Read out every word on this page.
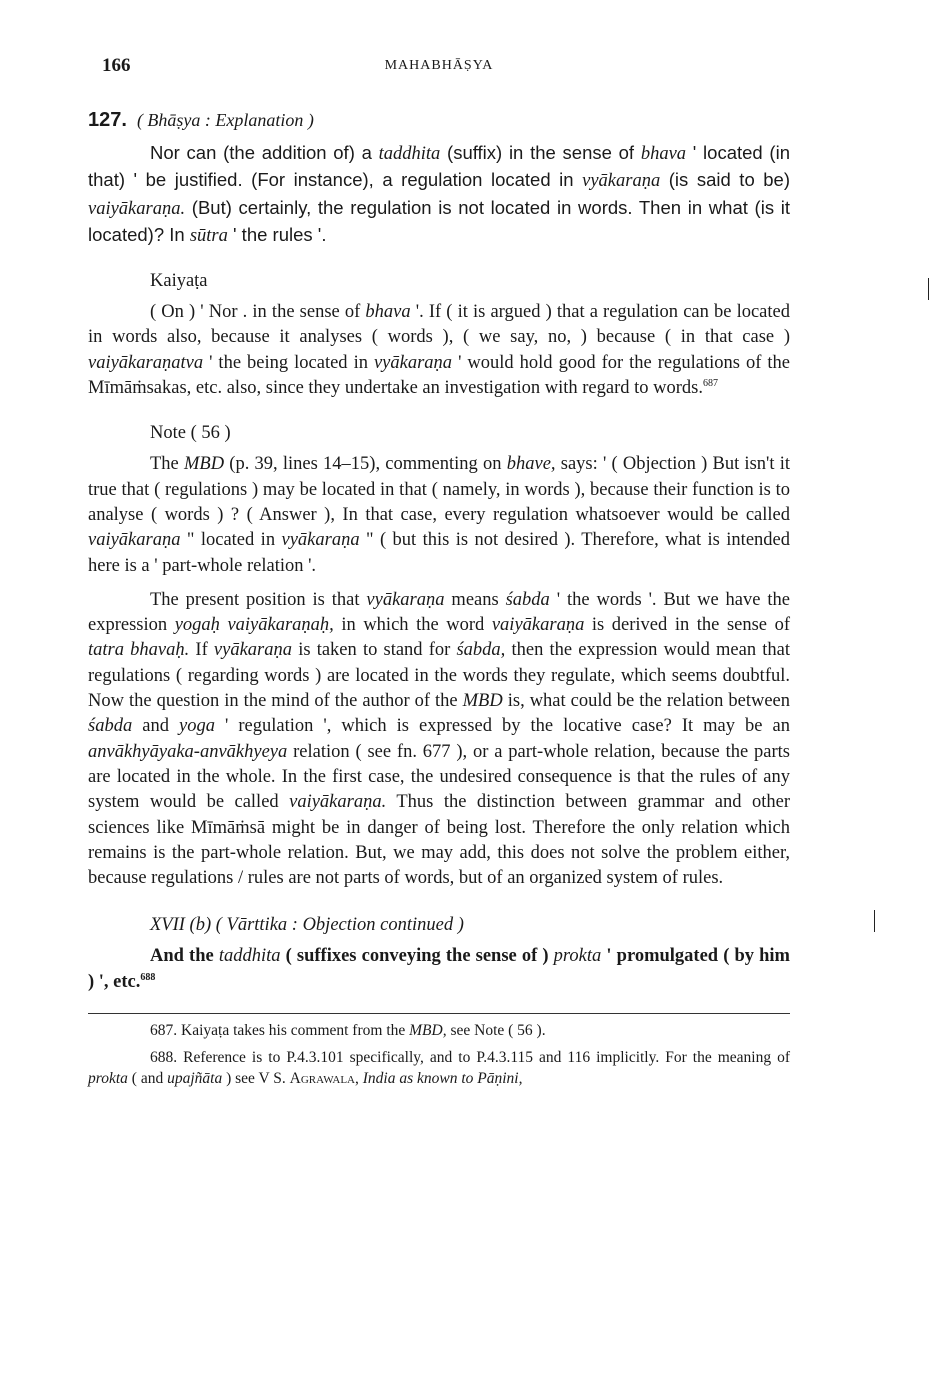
166	MAHABHĀṢYA
127. ( Bhāṣya : Explanation )

Nor can (the addition of) a taddhita (suffix) in the sense of bhava ' located (in that) ' be justified. (For instance), a regulation located in vyākaraṇa (is said to be) vaiyākaraṇa. (But) certainly, the regulation is not located in words. Then in what (is it located)? In sūtra ' the rules '.

Kaiyaṭa

( On ) ' Nor . in the sense of bhava '. If ( it is argued ) that a regulation can be located in words also, because it analyses ( words ), ( we say, no, ) because ( in that case ) vaiyākaraṇatva ' the being located in vyākaraṇa ' would hold good for the regulations of the Mīmāṁsakas, etc. also, since they undertake an investigation with regard to words.$^{687}$

Note ( 56 )

The MBD (p. 39, lines 14–15), commenting on bhave, says: ' ( Objection ) But isn't it true that ( regulations ) may be located in that ( namely, in words ), because their function is to analyse ( words ) ? ( Answer ), In that case, every regulation whatsoever would be called vaiyākaraṇa " located in vyākaraṇa " ( but this is not desired ). Therefore, what is intended here is a ' part-whole relation '.

The present position is that vyākaraṇa means śabda ' the words '. But we have the expression yogaḥ vaiyākaraṇaḥ, in which the word vaiyākaraṇa is derived in the sense of tatra bhavaḥ. If vyākaraṇa is taken to stand for śabda, then the expression would mean that regulations ( regarding words ) are located in the words they regulate, which seems doubtful. Now the question in the mind of the author of the MBD is, what could be the relation between śabda and yoga ' regulation ', which is expressed by the locative case? It may be an anvākhyāyaka-anvākhyeya relation ( see fn. 677 ), or a part-whole relation, because the parts are located in the whole. In the first case, the undesired consequence is that the rules of any system would be called vaiyākaraṇa. Thus the distinction between grammar and other sciences like Mīmāṁsā might be in danger of being lost. Therefore the only relation which remains is the part-whole relation. But, we may add, this does not solve the problem either, because regulations / rules are not parts of words, but of an organized system of rules.

XVII (b) ( Vārttika : Objection continued )

And the taddhita ( suffixes conveying the sense of ) prokta ' promulgated ( by him ) ', etc.$^{688}$

687. Kaiyaṭa takes his comment from the MBD, see Note ( 56 ).

688. Reference is to P.4.3.101 specifically, and to P.4.3.115 and 116 implicitly. For the meaning of prokta ( and upajñāta ) see V S. Agrawala, India as known to Pāṇini,
